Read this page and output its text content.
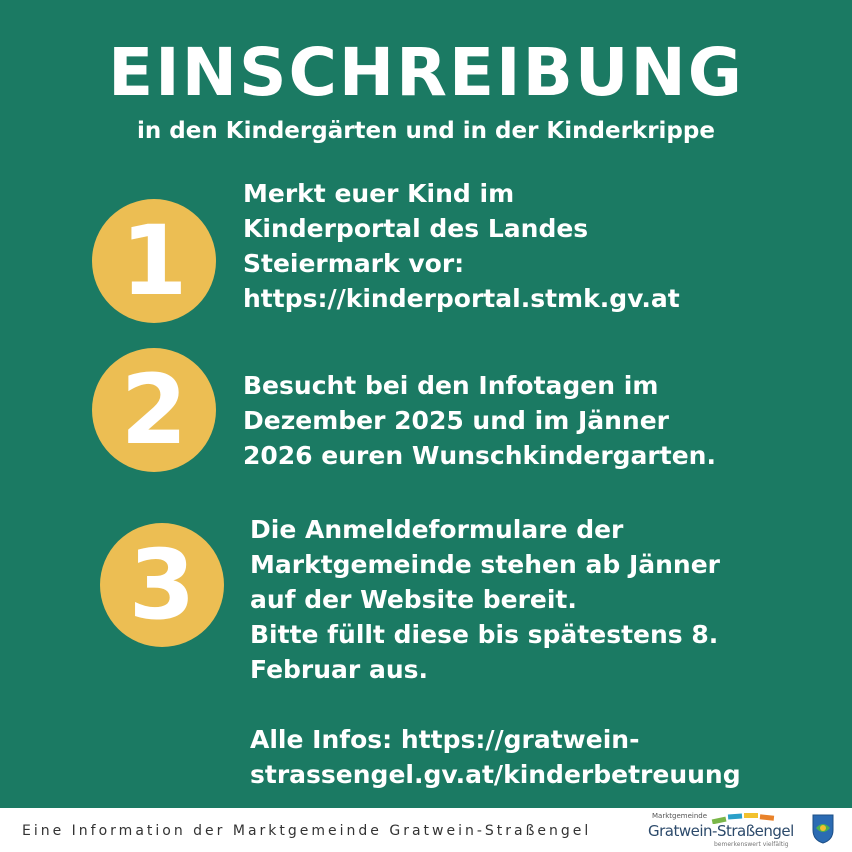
EINSCHREIBUNG
in den Kindergärten und in der Kinderkrippe
1
Merkt euer Kind im
Kinderportal des Landes
Steiermark vor:
https://kinderportal.stmk.gv.at
2 Besucht bei den Infotagen im
Dezember 2025 und im Jänner
2026 euren Wunschkindergarten.
3 Die Anmeldeformulare der
Marktgemeinde stehen ab Jänner
auf der Website bereit.
Bitte füllt diese bis spätestens 8.
Februar aus.
Alle Infos: https://gratwein-
strassengel.gv.at/kinderbetreuung
Eine Information der Marktgemeinde Gratwein-Straßengel
Marktgemeinde
Gratwein-Straßengel
bemerkenswert vielfältig
